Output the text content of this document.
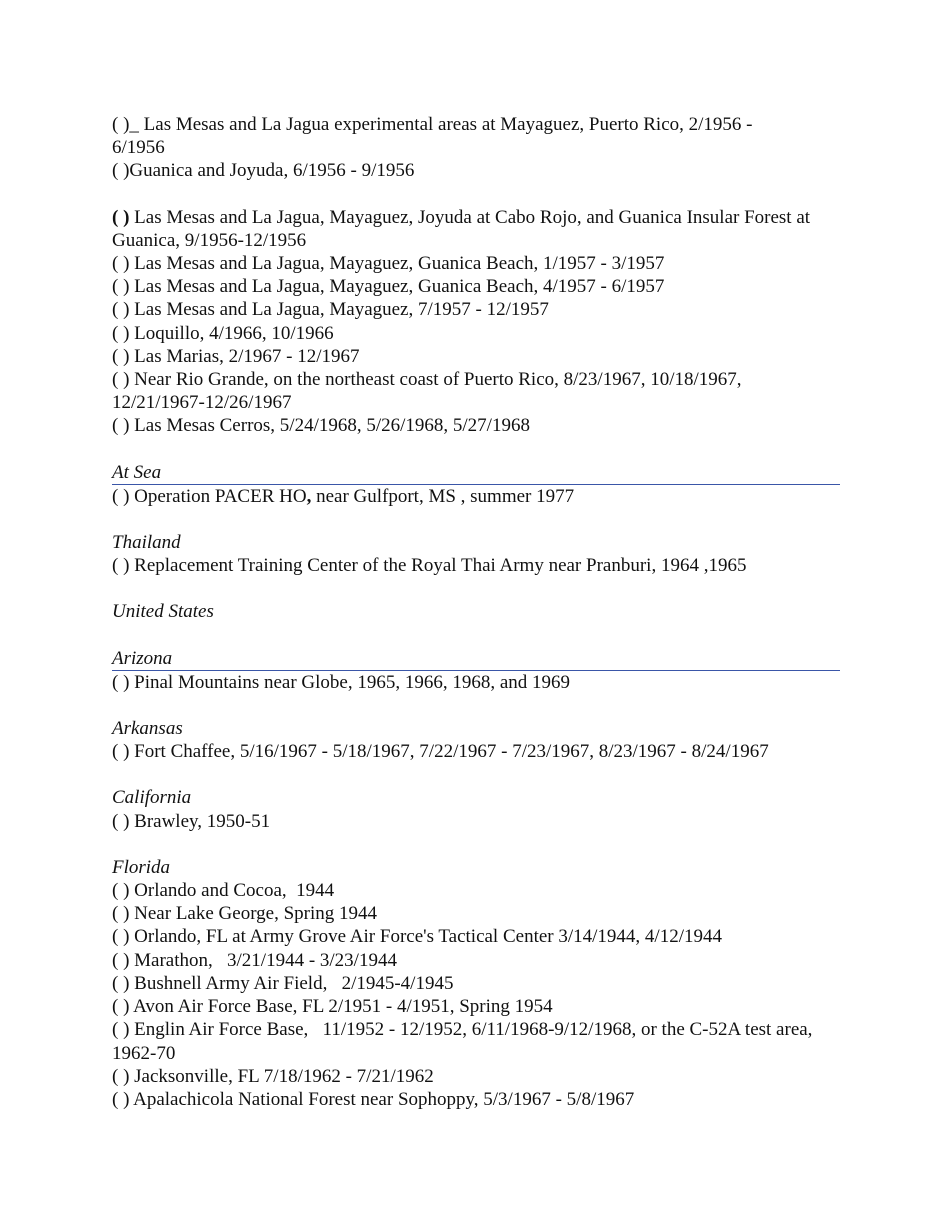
( )_ Las Mesas and La Jagua experimental areas at Mayaguez, Puerto Rico, 2/1956 - 6/1956
( )Guanica and Joyuda, 6/1956 - 9/1956
( ) Las Mesas and La Jagua, Mayaguez, Joyuda at Cabo Rojo, and Guanica Insular Forest at Guanica, 9/1956-12/1956
( ) Las Mesas and La Jagua, Mayaguez, Guanica Beach, 1/1957 - 3/1957
( ) Las Mesas and La Jagua, Mayaguez, Guanica Beach, 4/1957 - 6/1957
( ) Las Mesas and La Jagua, Mayaguez, 7/1957 - 12/1957
( ) Loquillo, 4/1966, 10/1966
( ) Las Marias, 2/1967 - 12/1967
( ) Near Rio Grande, on the northeast coast of Puerto Rico, 8/23/1967, 10/18/1967, 12/21/1967-12/26/1967
( ) Las Mesas Cerros, 5/24/1968, 5/26/1968, 5/27/1968
At Sea
( ) Operation PACER HO, near Gulfport, MS , summer 1977
Thailand
( ) Replacement Training Center of the Royal Thai Army near Pranburi, 1964 ,1965
United States
Arizona
( ) Pinal Mountains near Globe, 1965, 1966, 1968, and 1969
Arkansas
( ) Fort Chaffee, 5/16/1967 - 5/18/1967, 7/22/1967 - 7/23/1967, 8/23/1967 - 8/24/1967
California
( ) Brawley, 1950-51
Florida
( ) Orlando and Cocoa,  1944
( ) Near Lake George, Spring 1944
( ) Orlando, FL at Army Grove Air Force's Tactical Center 3/14/1944, 4/12/1944
( ) Marathon,   3/21/1944 - 3/23/1944
( ) Bushnell Army Air Field,   2/1945-4/1945
( ) Avon Air Force Base, FL 2/1951 - 4/1951, Spring 1954
( ) Englin Air Force Base,   11/1952 - 12/1952, 6/11/1968-9/12/1968, or the C-52A test area, 1962-70
( ) Jacksonville, FL 7/18/1962 - 7/21/1962
( ) Apalachicola National Forest near Sophoppy, 5/3/1967 - 5/8/1967
